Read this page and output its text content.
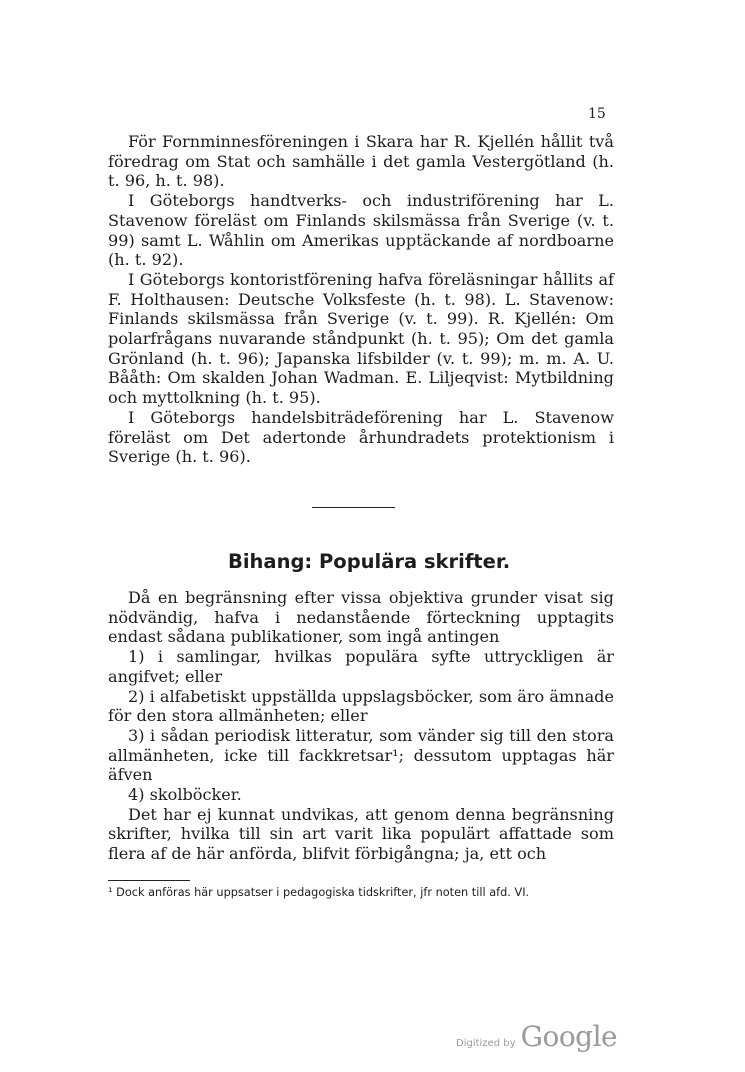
15

För Fornminnesföreningen i Skara har R. Kjellén hållit två föredrag om Stat och samhälle i det gamla Vestergötland (h. t. 96, h. t. 98).

I Göteborgs handtverks- och industriförening har L. Stavenow föreläst om Finlands skilsmässa från Sverige (v. t. 99) samt L. Wåhlin om Amerikas upptäckande af nordboarne (h. t. 92).

I Göteborgs kontoristförening hafva föreläsningar hållits af F. Holthausen: Deutsche Volksfeste (h. t. 98). L. Stavenow: Finlands skilsmässa från Sverige (v. t. 99). R. Kjellén: Om polarfrågans nuvarande ståndpunkt (h. t. 95); Om det gamla Grönland (h. t. 96); Japanska lifsbilder (v. t. 99); m. m. A. U. Bååth: Om skalden Johan Wadman. E. Liljeqvist: Mytbildning och myttolkning (h. t. 95).

I Göteborgs handelsbiträdeförening har L. Stavenow föreläst om Det adertonde århundradets protektionism i Sverige (h. t. 96).

Bihang: Populära skrifter.

Då en begränsning efter vissa objektiva grunder visat sig nödvändig, hafva i nedanstående förteckning upptagits endast sådana publikationer, som ingå antingen

1) i samlingar, hvilkas populära syfte uttryckligen är angifvet; eller

2) i alfabetiskt uppställda uppslagsböcker, som äro ämnade för den stora allmänheten; eller

3) i sådan periodisk litteratur, som vänder sig till den stora allmänheten, icke till fackkretsar¹; dessutom upptagas här äfven

4) skolböcker.

Det har ej kunnat undvikas, att genom denna begränsning skrifter, hvilka till sin art varit lika populärt affattade som flera af de här anförda, blifvit förbigångna; ja, ett och

¹ Dock anföras här uppsatser i pedagogiska tidskrifter, jfr noten till afd. VI.
Digitized by Google
